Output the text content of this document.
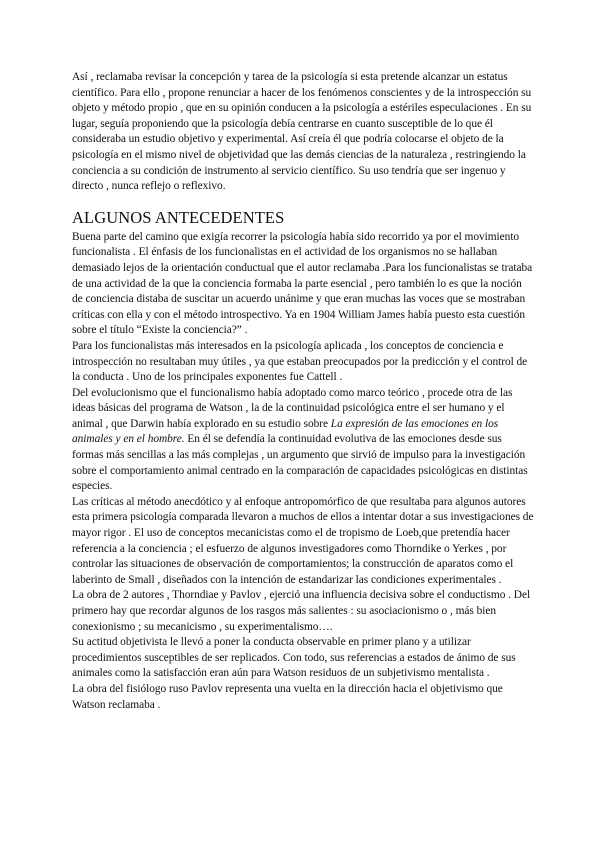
Así , reclamaba revisar la concepción y tarea de la psicología si esta pretende alcanzar un estatus científico. Para ello , propone renunciar a hacer de los fenómenos conscientes y de la introspección su objeto y método propio , que en su opinión conducen a la psicología a estériles especulaciones . En su lugar, seguía proponiendo que la psicología debía centrarse en cuanto susceptible de lo que él consideraba un estudio objetivo y experimental. Así creía él que podría colocarse el objeto de la psicología en el mismo nivel de objetividad que las demás ciencias de la naturaleza , restringiendo la conciencia a su condición de instrumento al servicio científico. Su uso tendría que ser ingenuo y directo , nunca reflejo o reflexivo.

ALGUNOS ANTECEDENTES

Buena parte del camino que exigía recorrer la psicología había sido recorrido ya por el movimiento funcionalista . El énfasis de los funcionalistas en el actividad de los organismos no se hallaban demasiado lejos de la orientación conductual que el autor reclamaba .Para los funcionalistas se trataba de una actividad de la que la conciencia formaba la parte esencial , pero también lo es que la noción de conciencia distaba de suscitar un acuerdo unánime y que eran muchas las voces que se mostraban críticas con ella y con el método introspectivo. Ya en 1904 William James había puesto esta cuestión sobre el título “Existe la conciencia?” .

Para los funcionalistas más interesados en la psicología aplicada , los conceptos de conciencia e introspección no resultaban muy útiles , ya que estaban preocupados por la predicción y el control de la conducta . Uno de los principales exponentes fue Cattell .

Del evolucionismo que el funcionalismo había adoptado como marco teórico , procede otra de las ideas básicas del programa de Watson , la de la continuidad psicológica entre el ser humano y el animal , que Darwin había explorado en su estudio sobre La expresión de las emociones en los animales y en el hombre. En él se defendía la continuidad evolutiva de las emociones desde sus formas más sencillas a las más complejas , un argumento que sirvió de impulso para la investigación sobre el comportamiento animal centrado en la comparación de capacidades psicológicas en distintas especies.

Las críticas al método anecdótico y al enfoque antropomórfico de que resultaba para algunos autores esta primera psicología comparada llevaron a muchos de ellos a intentar dotar a sus investigaciones de mayor rigor . El uso de conceptos mecanicistas como el de tropismo de Loeb,que pretendía hacer referencia a la conciencia ; el esfuerzo de algunos investigadores como Thorndike o Yerkes , por controlar las situaciones de observación de comportamientos; la construcción de aparatos como el laberinto de Small , diseñados con la intención de estandarizar las condiciones experimentales .

La obra de 2 autores , Thorndiae y Pavlov , ejerció una influencia decisiva sobre el conductismo . Del primero hay que recordar algunos de los rasgos más salientes : su asociacionismo o , más bien conexionismo ; su mecanicismo , su experimentalismo….

Su actitud objetivista le llevó a poner la conducta observable en primer plano y a utilizar procedimientos susceptibles de ser replicados. Con todo, sus referencias a estados de ánimo de sus animales como la satisfacción eran aún para Watson residuos de un subjetivismo mentalista .

La obra del fisiólogo ruso Pavlov representa una vuelta en la dirección hacia el objetivismo que Watson reclamaba .
